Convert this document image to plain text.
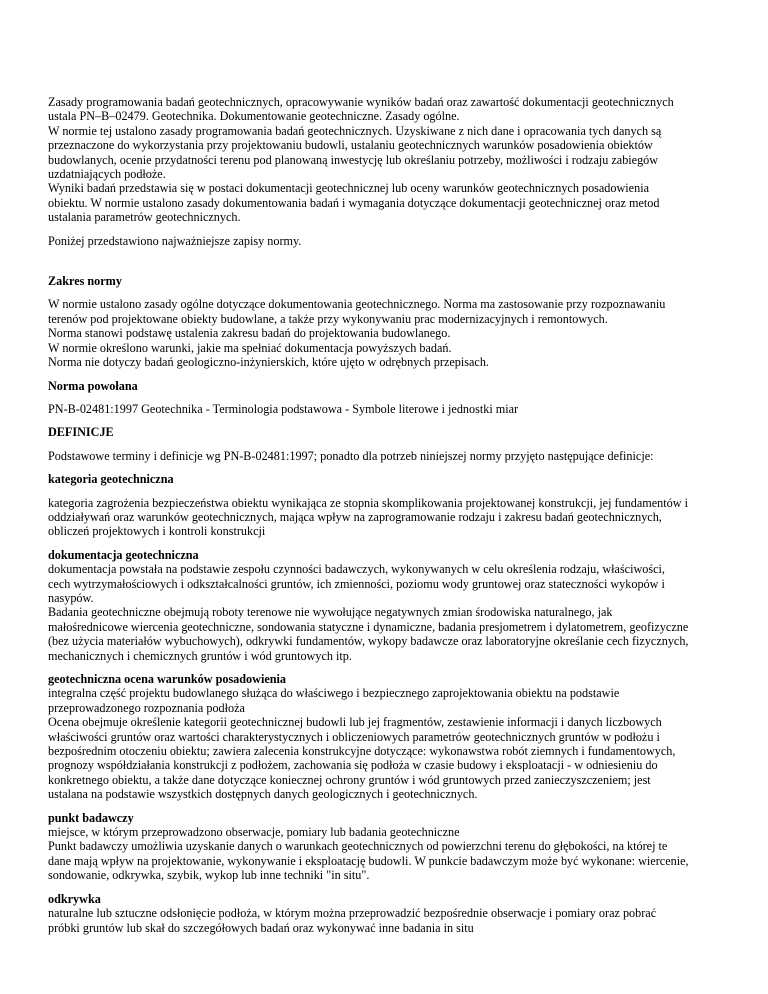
Zasady programowania badań geotechnicznych, opracowywanie wyników badań oraz zawartość dokumentacji geotechnicznych
ustala PN–B–02479. Geotechnika. Dokumentowanie geotechniczne. Zasady ogólne.
W normie tej ustalono zasady programowania badań geotechnicznych. Uzyskiwane z nich dane i opracowania tych danych są
przeznaczone do wykorzystania przy projektowaniu budowli, ustalaniu geotechnicznych warunków posadowienia obiektów
budowlanych, ocenie przydatności terenu pod planowaną inwestycję lub określaniu potrzeby, możliwości i rodzaju zabiegów
uzdatniających podłoże.
Wyniki badań przedstawia się w postaci dokumentacji geotechnicznej lub oceny warunków geotechnicznych posadowienia
obiektu. W normie ustalono zasady dokumentowania badań i wymagania dotyczące dokumentacji geotechnicznej oraz metod
ustalania parametrów geotechnicznych.
Poniżej przedstawiono najważniejsze zapisy normy.
Zakres normy
W normie ustalono zasady ogólne dotyczące dokumentowania geotechnicznego. Norma ma zastosowanie przy rozpoznawaniu
terenów pod projektowane obiekty budowlane, a także przy wykonywaniu prac modernizacyjnych i remontowych.
Norma stanowi podstawę ustalenia zakresu badań do projektowania budowlanego.
W normie określono warunki, jakie ma spełniać dokumentacja powyższych badań.
Norma nie dotyczy badań geologiczno-inżynierskich, które ujęto w odrębnych przepisach.
Norma powołana
PN-B-02481:1997 Geotechnika - Terminologia podstawowa - Symbole literowe i jednostki miar
DEFINICJE
Podstawowe terminy i definicje wg PN-B-02481:1997; ponadto dla potrzeb niniejszej normy przyjęto następujące definicje:
kategoria geotechniczna
kategoria zagrożenia bezpieczeństwa obiektu wynikająca ze stopnia skomplikowania projektowanej konstrukcji, jej fundamentów i
oddziaływań oraz warunków geotechnicznych, mająca wpływ na zaprogramowanie rodzaju i zakresu badań geotechnicznych,
obliczeń projektowych i kontroli konstrukcji
dokumentacja geotechniczna
dokumentacja powstała na podstawie zespołu czynności badawczych, wykonywanych w celu określenia rodzaju, właściwości,
cech wytrzymałościowych i odkształcalności gruntów, ich zmienności, poziomu wody gruntowej oraz stateczności wykopów i
nasypów.
Badania geotechniczne obejmują roboty terenowe nie wywołujące negatywnych zmian środowiska naturalnego, jak
małośrednicowe wiercenia geotechniczne, sondowania statyczne i dynamiczne, badania presjometrem i dylatometrem, geofizyczne
(bez użycia materiałów wybuchowych), odkrywki fundamentów, wykopy badawcze oraz laboratoryjne określanie cech fizycznych,
mechanicznych i chemicznych gruntów i wód gruntowych itp.
geotechniczna ocena warunków posadowienia
integralna część projektu budowlanego służąca do właściwego i bezpiecznego zaprojektowania obiektu na podstawie
przeprowadzonego rozpoznania podłoża
Ocena obejmuje określenie kategorii geotechnicznej budowli lub jej fragmentów, zestawienie informacji i danych liczbowych
właściwości gruntów oraz wartości charakterystycznych i obliczeniowych parametrów geotechnicznych gruntów w podłożu i
bezpośrednim otoczeniu obiektu; zawiera zalecenia konstrukcyjne dotyczące: wykonawstwa robót ziemnych i fundamentowych,
prognozy współdziałania konstrukcji z podłożem, zachowania się podłoża w czasie budowy i eksploatacji - w odniesieniu do
konkretnego obiektu, a także dane dotyczące koniecznej ochrony gruntów i wód gruntowych przed zanieczyszczeniem; jest
ustalana na podstawie wszystkich dostępnych danych geologicznych i geotechnicznych.
punkt badawczy
miejsce, w którym przeprowadzono obserwacje, pomiary lub badania geotechniczne
Punkt badawczy umożliwia uzyskanie danych o warunkach geotechnicznych od powierzchni terenu do głębokości, na której te
dane mają wpływ na projektowanie, wykonywanie i eksploatację budowli. W punkcie badawczym może być wykonane: wiercenie,
sondowanie, odkrywka, szybik, wykop lub inne techniki "in situ".
odkrywka
naturalne lub sztuczne odsłonięcie podłoża, w którym można przeprowadzić bezpośrednie obserwacje i pomiary oraz pobrać
próbki gruntów lub skał do szczegółowych badań oraz wykonywać inne badania in situ
